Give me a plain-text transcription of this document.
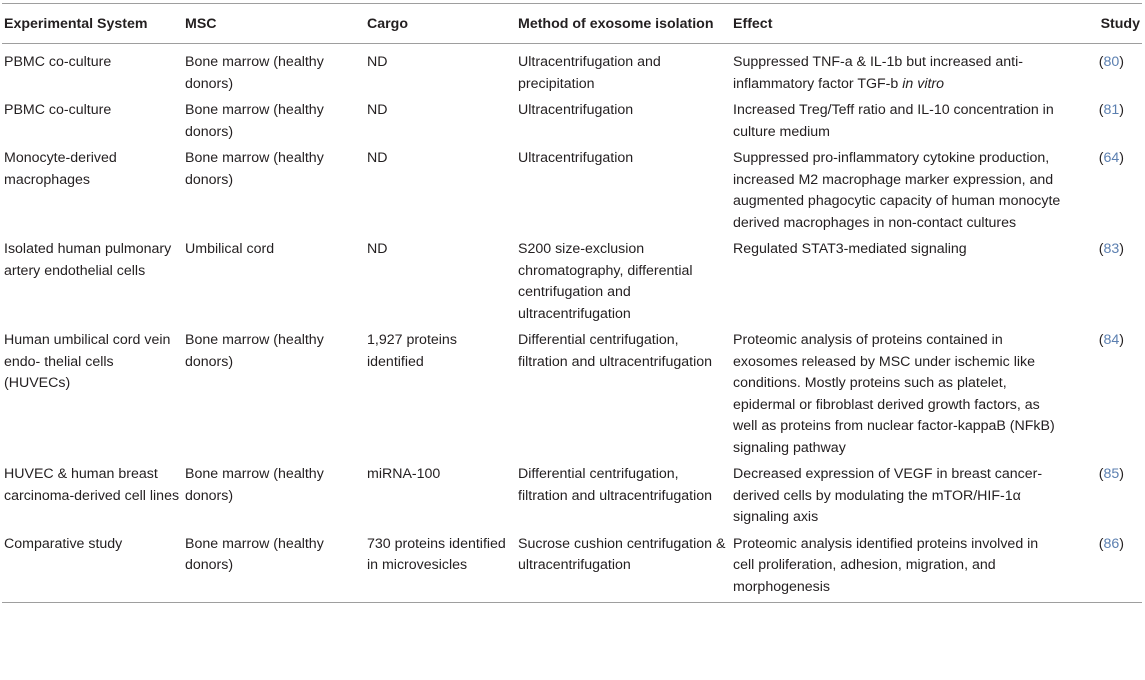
Experimental System	MSC	Cargo	Method of exosome isolation	Effect	Study
PBMC co-culture	Bone marrow (healthy donors)	ND	Ultracentrifugation and precipitation	Suppressed TNF-a & IL-1b but increased anti-inflammatory factor TGF-b in vitro	(80)
PBMC co-culture	Bone marrow (healthy donors)	ND	Ultracentrifugation	Increased Treg/Teff ratio and IL-10 concentration in culture medium	(81)
Monocyte-derived macrophages	Bone marrow (healthy donors)	ND	Ultracentrifugation	Suppressed pro-inflammatory cytokine production, increased M2 macrophage marker expression, and augmented phagocytic capacity of human monocyte derived macrophages in non-contact cultures	(64)
Isolated human pulmonary artery endothelial cells	Umbilical cord	ND	S200 size-exclusion chromatography, differential centrifugation and ultracentrifugation	Regulated STAT3-mediated signaling	(83)
Human umbilical cord vein endo- thelial cells (HUVECs)	Bone marrow (healthy donors)	1,927 proteins identified	Differential centrifugation, filtration and ultracentrifugation	Proteomic analysis of proteins contained in exosomes released by MSC under ischemic like conditions. Mostly proteins such as platelet, epidermal or fibroblast derived growth factors, as well as proteins from nuclear factor-kappaB (NFkB) signaling pathway	(84)
HUVEC & human breast carcinoma-derived cell lines	Bone marrow (healthy donors)	miRNA-100	Differential centrifugation, filtration and ultracentrifugation	Decreased expression of VEGF in breast cancer-derived cells by modulating the mTOR/HIF-1α signaling axis	(85)
Comparative study	Bone marrow (healthy donors)	730 proteins identified in microvesicles	Sucrose cushion centrifugation & ultracentrifugation	Proteomic analysis identified proteins involved in cell proliferation, adhesion, migration, and morphogenesis	(86)
